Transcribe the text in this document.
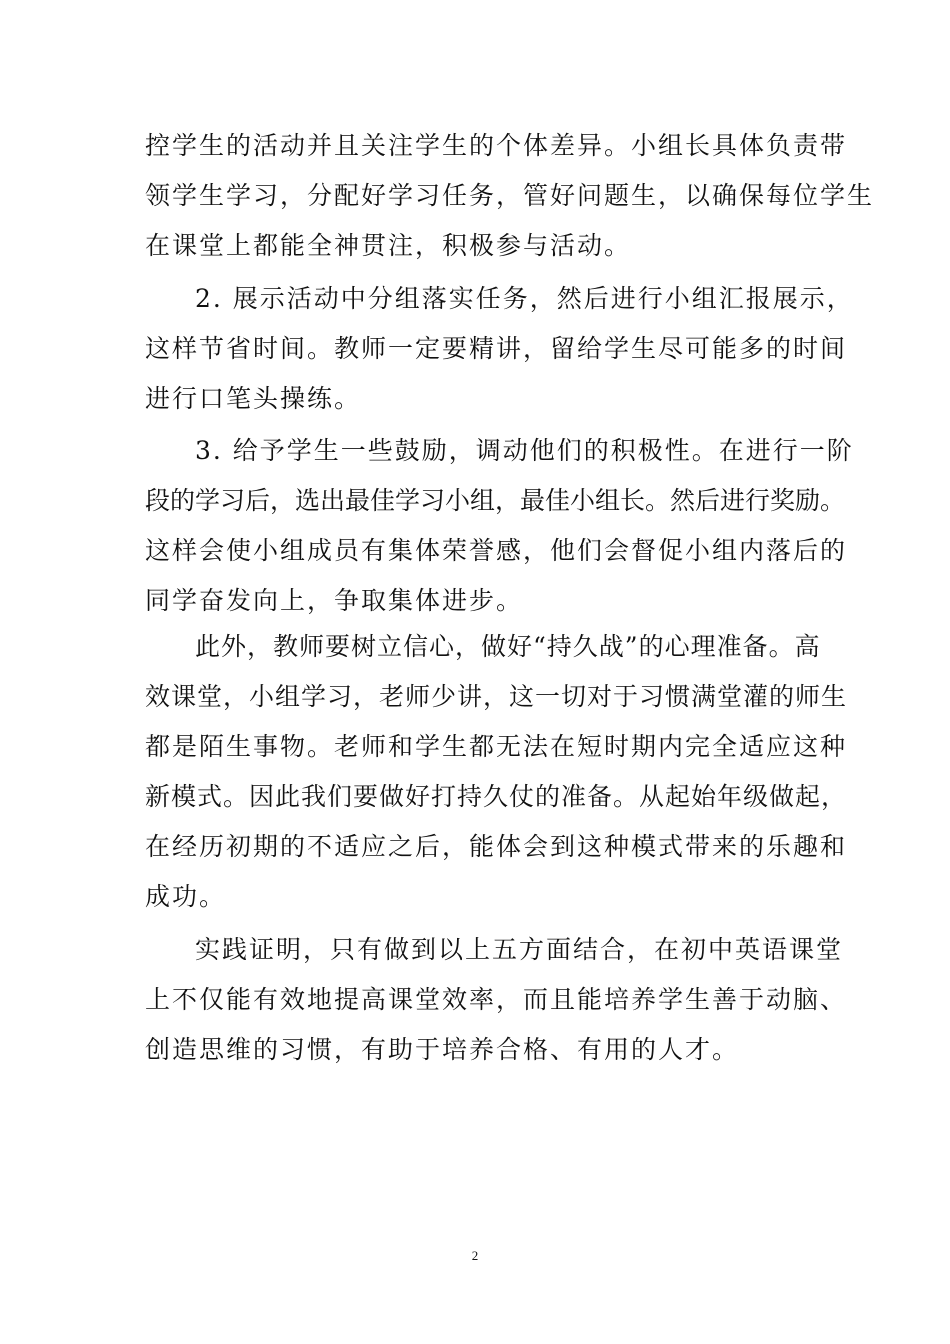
控学生的活动并且关注学生的个体差异。小组长具体负责带
领学生学习，分配好学习任务，管好问题生，以确保每位学生
在课堂上都能全神贯注，积极参与活动。
2. 展示活动中分组落实任务，然后进行小组汇报展示，
这样节省时间。教师一定要精讲，留给学生尽可能多的时间
进行口笔头操练。
3. 给予学生一些鼓励，调动他们的积极性。在进行一阶
段的学习后，选出最佳学习小组，最佳小组长。然后进行奖励。
这样会使小组成员有集体荣誉感，他们会督促小组内落后的
同学奋发向上，争取集体进步。
此外，教师要树立信心，做好“持久战”的心理准备。高
效课堂，小组学习，老师少讲，这一切对于习惯满堂灌的师生
都是陌生事物。老师和学生都无法在短时期内完全适应这种
新模式。因此我们要做好打持久仗的准备。从起始年级做起，
在经历初期的不适应之后，能体会到这种模式带来的乐趣和
成功。
实践证明，只有做到以上五方面结合，在初中英语课堂
上不仅能有效地提高课堂效率，而且能培养学生善于动脑、
创造思维的习惯，有助于培养合格、有用的人才。
2
